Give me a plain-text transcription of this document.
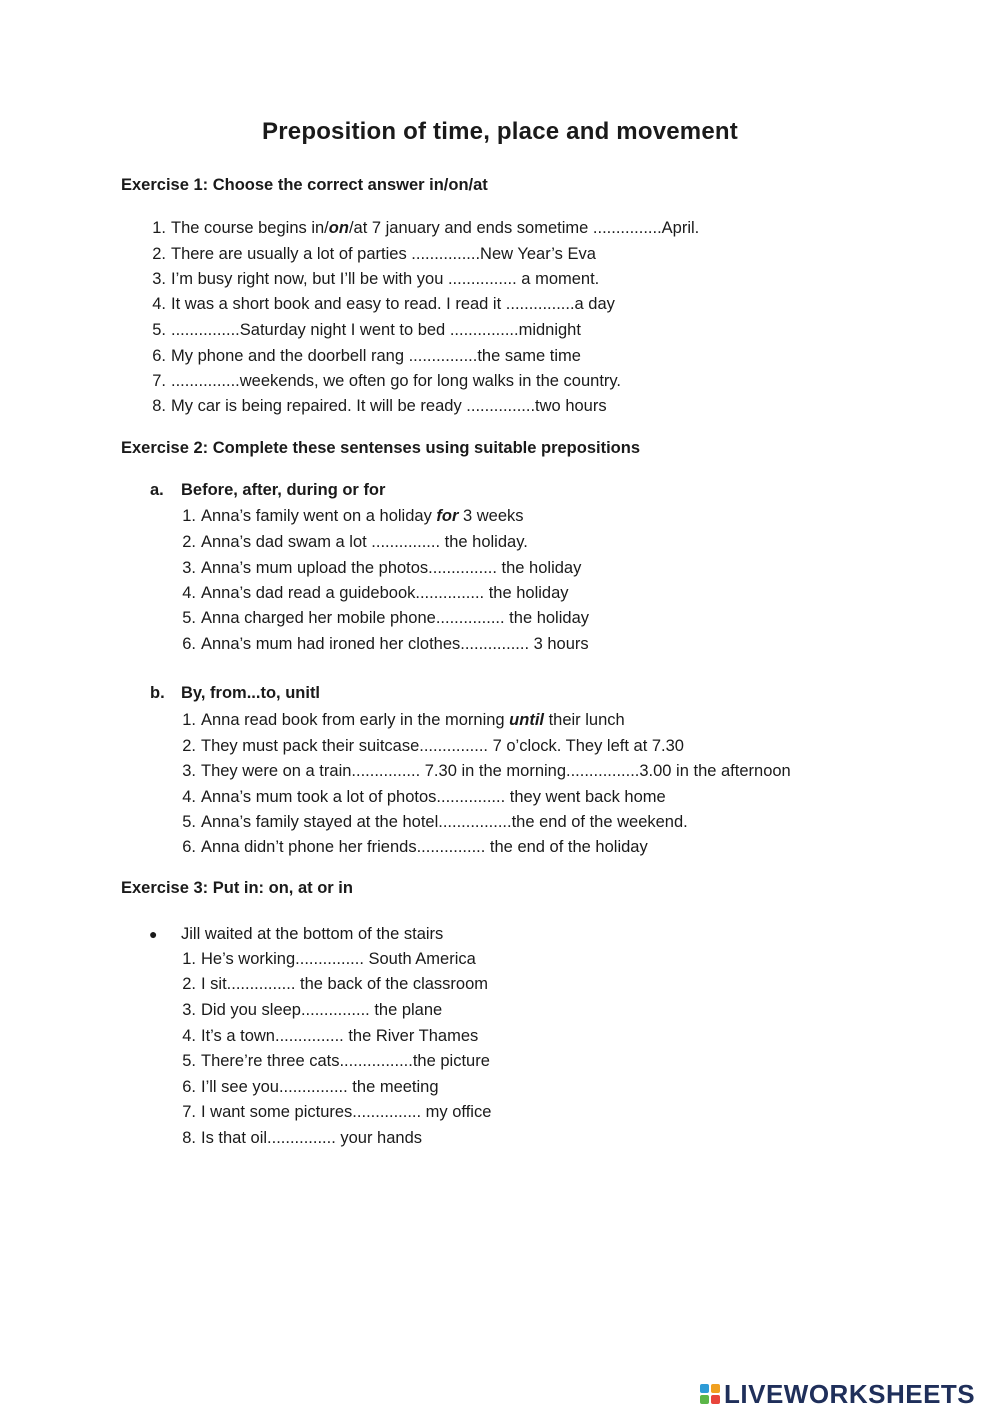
Preposition of time, place and movement
Exercise 1: Choose the correct answer in/on/at
1. The course begins in/on/at 7 january and ends sometime ...............April.
2. There are usually a lot of parties ...............New Year’s Eva
3. I’m busy right now, but I’ll be with you ............... a moment.
4. It was a short book and easy to read. I read it ...............a day
5. ...............Saturday night I went to bed ...............midnight
6. My phone and the doorbell rang ...............the same time
7. ...............weekends, we often go for long walks in the country.
8. My car is being repaired. It will be ready ...............two hours
Exercise 2: Complete these sentenses using suitable prepositions
a. Before, after, during or for
1. Anna’s family went on a holiday for 3 weeks
2. Anna’s dad swam a lot ............... the holiday.
3. Anna’s mum upload the photos............... the holiday
4. Anna’s dad read a guidebook............... the holiday
5. Anna charged her mobile phone............... the holiday
6. Anna’s mum had ironed her clothes............... 3 hours
b. By, from...to, unitl
1. Anna read book from early in the morning until their lunch
2. They must pack their suitcase............... 7 o’clock. They left at 7.30
3. They were on a train............... 7.30 in the morning................3.00 in the afternoon
4. Anna’s mum took a lot of photos............... they went back home
5. Anna’s family stayed at the hotel................the end of the weekend.
6. Anna didn’t phone her friends............... the end of the holiday
Exercise 3: Put in: on, at or in
● Jill waited at the bottom of the stairs
1. He’s working............... South America
2. I sit............... the back of the classroom
3. Did you sleep............... the plane
4. It’s a town............... the River Thames
5. There’re three cats................the picture
6. I’ll see you............... the meeting
7. I want some pictures............... my office
8. Is that oil............... your hands
LIVEWORKSHEETS
